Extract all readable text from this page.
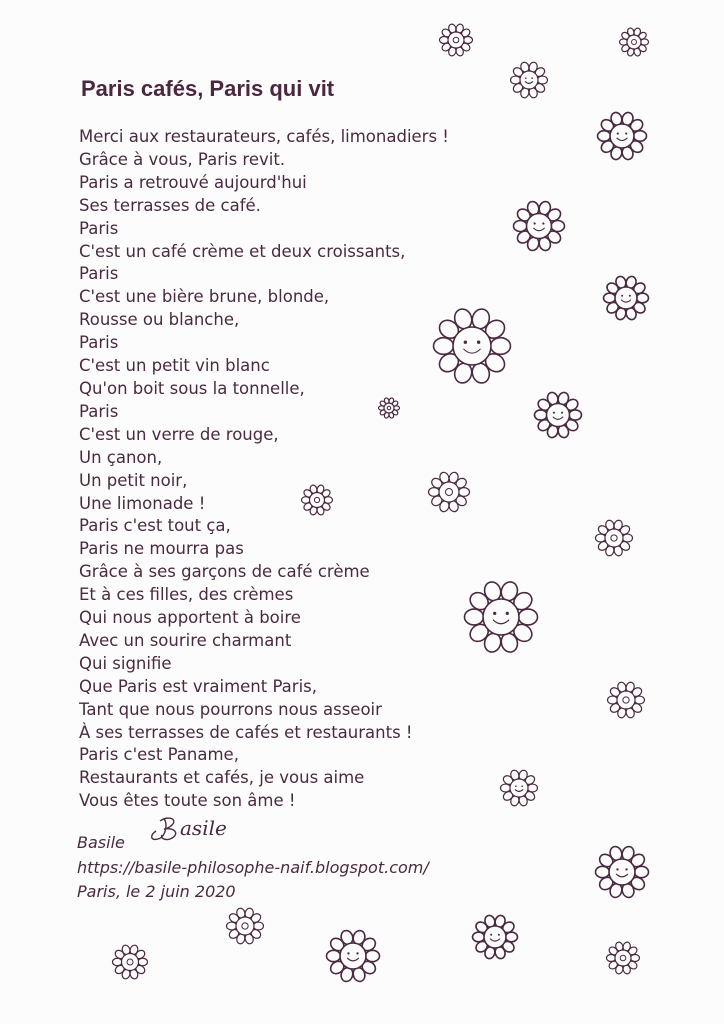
Paris cafés, Paris qui vit
Merci aux restaurateurs, cafés, limonadiers !
Grâce à vous, Paris revit.
Paris a retrouvé aujourd'hui
Ses terrasses de café.
Paris
C'est un café crème et deux croissants,
Paris
C'est une bière brune, blonde,
Rousse ou blanche,
Paris
C'est un petit vin blanc
Qu'on boit sous la tonnelle,
Paris
C'est un verre de rouge,
Un çanon,
Un petit noir,
Une limonade !
Paris c'est tout ça,
Paris ne mourra pas
Grâce à ses garçons de café crème
Et à ces filles, des crèmes
Qui nous apportent à boire
Avec un sourire charmant
Qui signifie
Que Paris est vraiment Paris,
Tant que nous pourrons nous asseoir
À ses terrasses de cafés et restaurants !
Paris c'est Paname,
Restaurants et cafés, je vous aime
Vous êtes toute son âme !
Basile
asile
https://basile-philosophe-naif.blogspot.com/
Paris, le 2 juin 2020
